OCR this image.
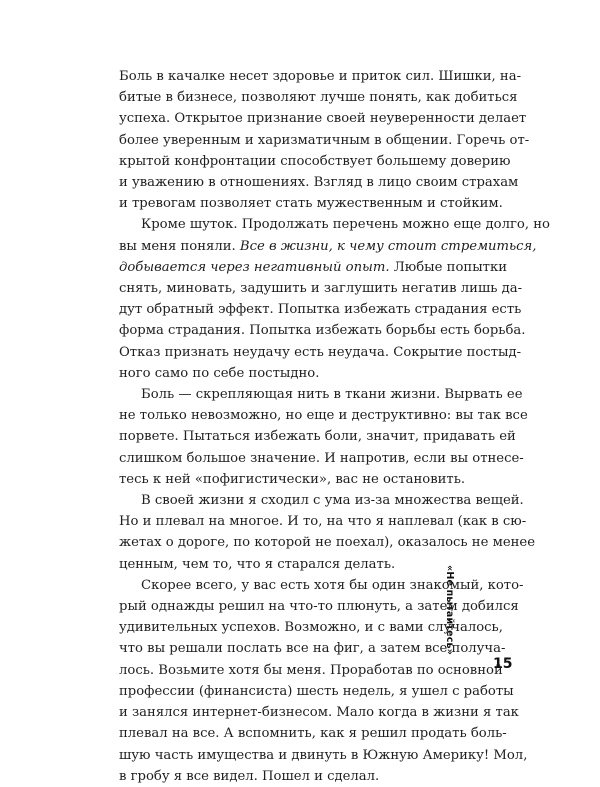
Боль в качалке несет здоровье и приток сил. Шишки, на-
битые в бизнесе, позволяют лучше понять, как добиться
успеха. Открытое признание своей неуверенности делает
более уверенным и харизматичным в общении. Горечь от-
крытой конфронтации способствует большему доверию
и уважению в отношениях. Взгляд в лицо своим страхам
и тревогам позволяет стать мужественным и стойким.

Кроме шуток. Продолжать перечень можно еще долго, но
вы меня поняли. Все в жизни, к чему стоит стремиться,
добывается через негативный опыт. Любые попытки
снять, миновать, задушить и заглушить негатив лишь да-
дут обратный эффект. Попытка избежать страдания есть
форма страдания. Попытка избежать борьбы есть борьба.
Отказ признать неудачу есть неудача. Сокрытие постыд-
ного само по себе постыдно.

Боль — скрепляющая нить в ткани жизни. Вырвать ее
не только невозможно, но еще и деструктивно: вы так все
порвете. Пытаться избежать боли, значит, придавать ей
слишком большое значение. И напротив, если вы отнесе-
тесь к ней «пофигистически», вас не остановить.

В своей жизни я сходил с ума из-за множества вещей.
Но и плевал на многое. И то, на что я наплевал (как в сю-
жетах о дороге, по которой не поехал), оказалось не менее
ценным, чем то, что я старался делать.

Скорее всего, у вас есть хотя бы один знакомый, кото-
рый однажды решил на что-то плюнуть, а затем добился
удивительных успехов. Возможно, и с вами случалось,
что вы решали послать все на фиг, а затем все получа-
лось. Возьмите хотя бы меня. Проработав по основной
профессии (финансиста) шесть недель, я ушел с работы
и занялся интернет-бизнесом. Мало когда в жизни я так
плевал на все. А вспомнить, как я решил продать боль-
шую часть имущества и двинуть в Южную Америку! Мол,
в гробу я все видел. Пошел и сделал.

«Не пытайтесь»
15
